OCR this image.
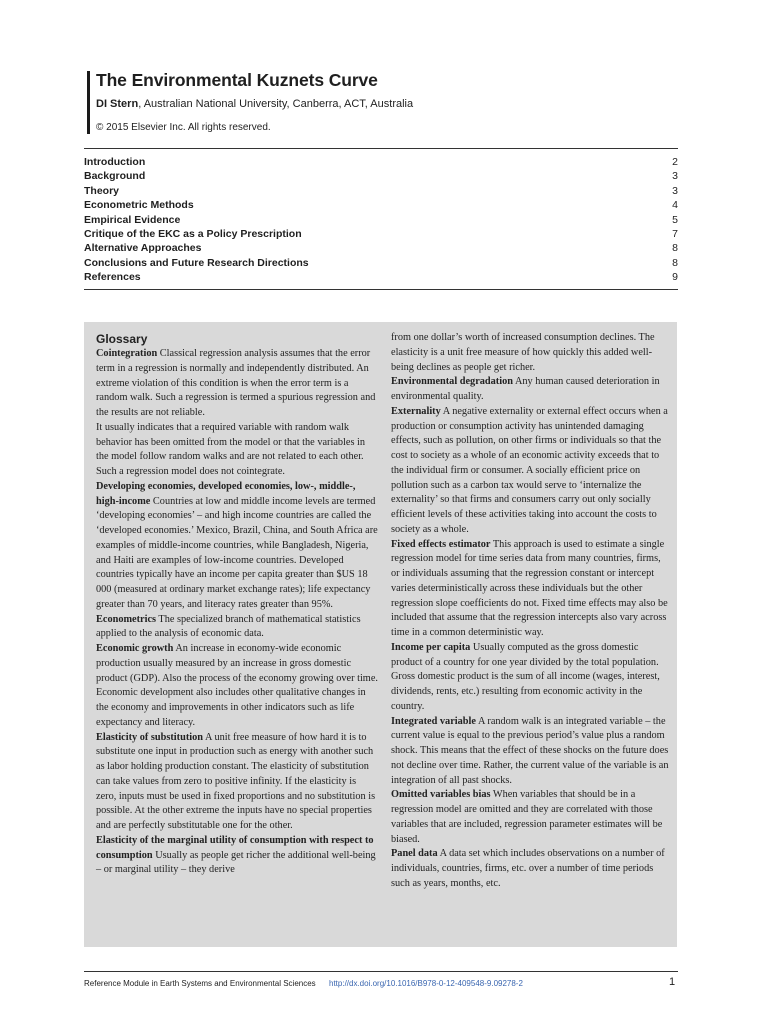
The Environmental Kuznets Curve
DI Stern, Australian National University, Canberra, ACT, Australia
© 2015 Elsevier Inc. All rights reserved.
Introduction	2
Background	3
Theory	3
Econometric Methods	4
Empirical Evidence	5
Critique of the EKC as a Policy Prescription	7
Alternative Approaches	8
Conclusions and Future Research Directions	8
References	9
Glossary

Cointegration Classical regression analysis assumes that the error term in a regression is normally and independently distributed. An extreme violation of this condition is when the error term is a random walk. Such a regression is termed a spurious regression and the results are not reliable.

It usually indicates that a required variable with random walk behavior has been omitted from the model or that the variables in the model follow random walks and are not related to each other. Such a regression model does not cointegrate.

Developing economies, developed economies, low-, middle-, high-income Countries at low and middle income levels are termed ‘developing economies’ – and high income countries are called the ‘developed economies.’ Mexico, Brazil, China, and South Africa are examples of middle-income countries, while Bangladesh, Nigeria, and Haiti are examples of low-income countries. Developed countries typically have an income per capita greater than $US 18 000 (measured at ordinary market exchange rates); life expectancy greater than 70 years, and literacy rates greater than 95%.

Econometrics The specialized branch of mathematical statistics applied to the analysis of economic data.

Economic growth An increase in economy-wide economic production usually measured by an increase in gross domestic product (GDP). Also the process of the economy growing over time. Economic development also includes other qualitative changes in the economy and improvements in other indicators such as life expectancy and literacy.

Elasticity of substitution A unit free measure of how hard it is to substitute one input in production such as energy with another such as labor holding production constant. The elasticity of substitution can take values from zero to positive infinity. If the elasticity is zero, inputs must be used in fixed proportions and no substitution is possible. At the other extreme the inputs have no special properties and are perfectly substitutable one for the other.

Elasticity of the marginal utility of consumption with respect to consumption Usually as people get richer the additional well-being – or marginal utility – they derive

from one dollar’s worth of increased consumption declines. The elasticity is a unit free measure of how quickly this added well-being declines as people get richer.

Environmental degradation Any human caused deterioration in environmental quality.

Externality A negative externality or external effect occurs when a production or consumption activity has unintended damaging effects, such as pollution, on other firms or individuals so that the cost to society as a whole of an economic activity exceeds that to the individual firm or consumer. A socially efficient price on pollution such as a carbon tax would serve to ‘internalize the externality’ so that firms and consumers carry out only socially efficient levels of these activities taking into account the costs to society as a whole.

Fixed effects estimator This approach is used to estimate a single regression model for time series data from many countries, firms, or individuals assuming that the regression constant or intercept varies deterministically across these individuals but the other regression slope coefficients do not. Fixed time effects may also be included that assume that the regression intercepts also vary across time in a common deterministic way.

Income per capita Usually computed as the gross domestic product of a country for one year divided by the total population. Gross domestic product is the sum of all income (wages, interest, dividends, rents, etc.) resulting from economic activity in the country.

Integrated variable A random walk is an integrated variable – the current value is equal to the previous period’s value plus a random shock. This means that the effect of these shocks on the future does not decline over time. Rather, the current value of the variable is an integration of all past shocks.

Omitted variables bias When variables that should be in a regression model are omitted and they are correlated with those variables that are included, regression parameter estimates will be biased.

Panel data A data set which includes observations on a number of individuals, countries, firms, etc. over a number of time periods such as years, months, etc.

Reference Module in Earth Systems and Environmental Sciences http://dx.doi.org/10.1016/B978-0-12-409548-9.09278-2	1
